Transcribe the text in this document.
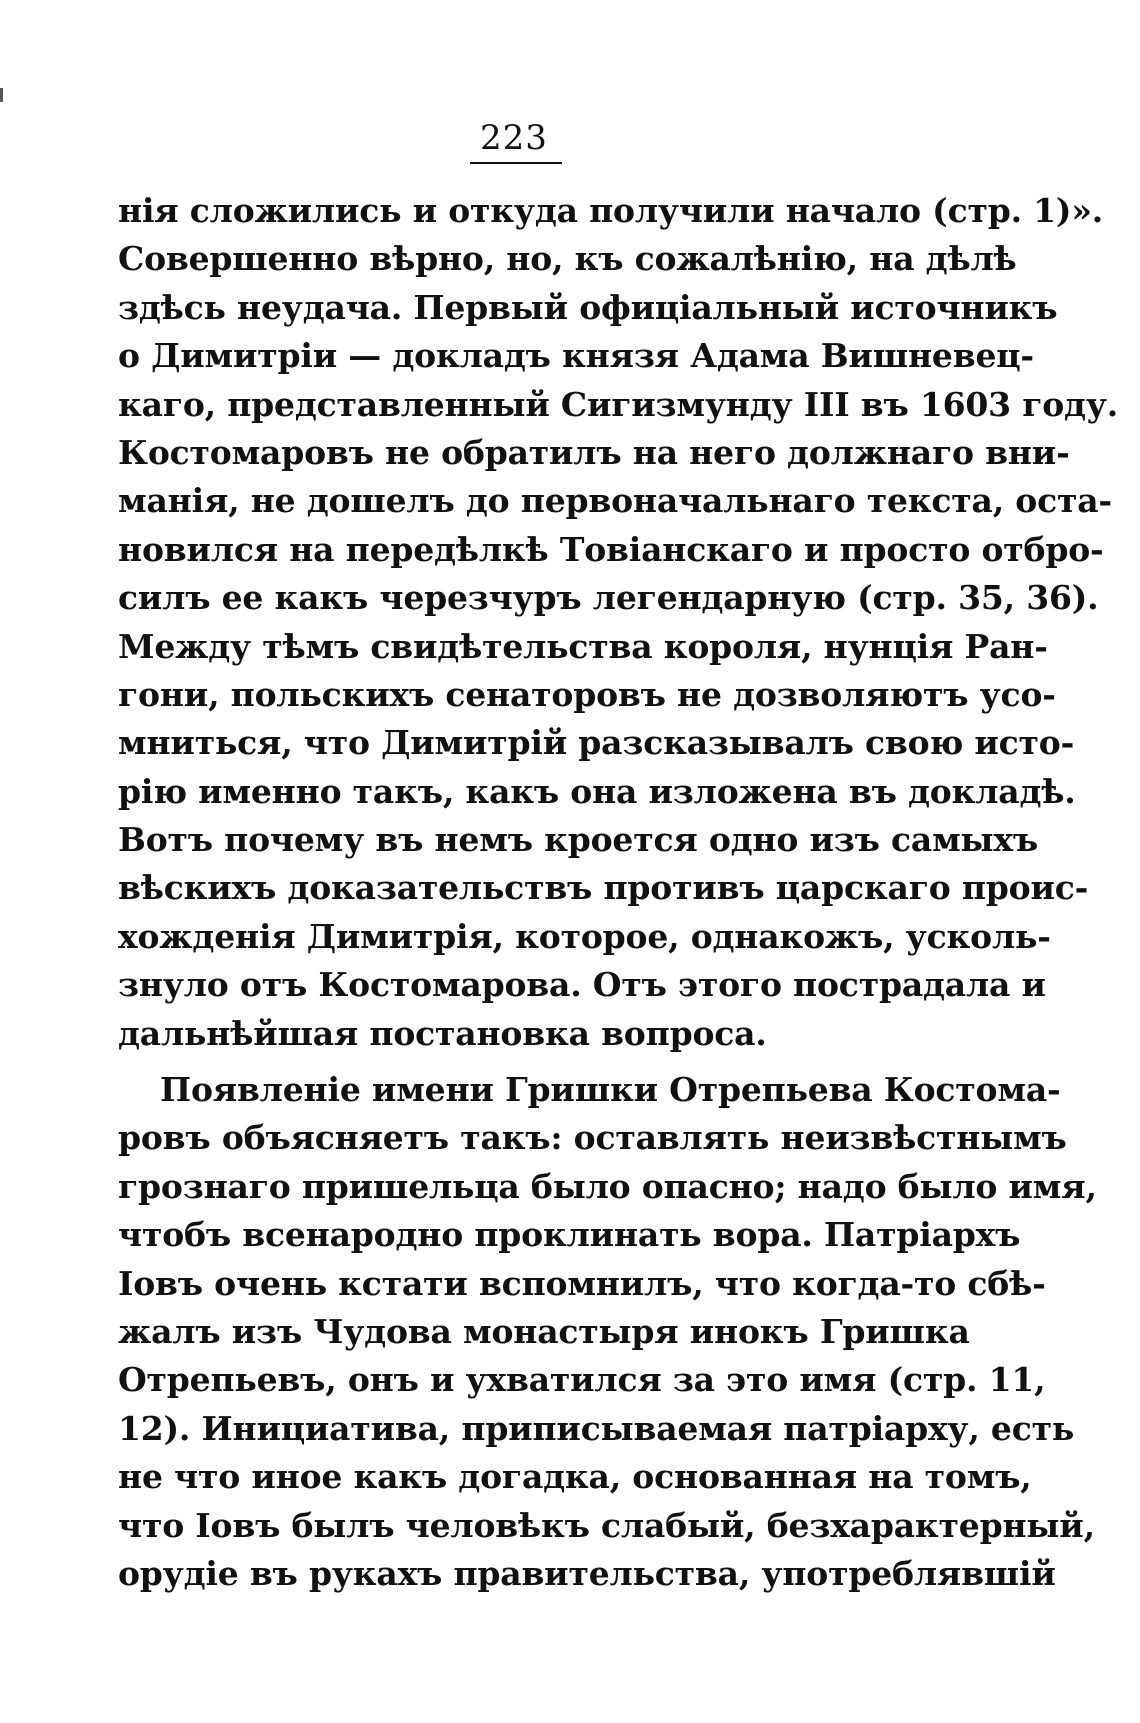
223
нія сложились и откуда получили начало (стр. 1)».
Совершенно вѣрно, но, къ сожалѣнію, на дѣлѣ
здѣсь неудача. Первый офиціальный источникъ
о Димитріи — докладъ князя Адама Вишневец-
каго, представленный Сигизмунду III въ 1603 году.
Костомаровъ не обратилъ на него должнаго вни-
манія, не дошелъ до первоначальнаго текста, оста-
новился на передѣлкѣ Товіанскаго и просто отбро-
силъ ее какъ черезчуръ легендарную (стр. 35, 36).
Между тѣмъ свидѣтельства короля, нунція Ран-
гони, польскихъ сенаторовъ не дозволяютъ усо-
мниться, что Димитрій разсказывалъ свою исто-
рію именно такъ, какъ она изложена въ докладѣ.
Вотъ почему въ немъ кроется одно изъ самыхъ
вѣскихъ доказательствъ противъ царскаго проис-
хожденія Димитрія, которое, однакожъ, усколь-
знуло отъ Костомарова. Отъ этого пострадала и
дальнѣйшая постановка вопроса.
Появленіе имени Гришки Отрепьева Костома-
ровъ объясняетъ такъ: оставлять неизвѣстнымъ
грознаго пришельца было опасно; надо было имя,
чтобъ всенародно проклинать вора. Патріархъ
Іовъ очень кстати вспомнилъ, что когда-то сбѣ-
жалъ изъ Чудова монастыря инокъ Гришка
Отрепьевъ, онъ и ухватился за это имя (стр. 11,
12). Инициатива, приписываемая патріарху, есть
не что иное какъ догадка, основанная на томъ,
что Іовъ былъ человѣкъ слабый, безхарактерный,
орудіе въ рукахъ правительства, употреблявшій
